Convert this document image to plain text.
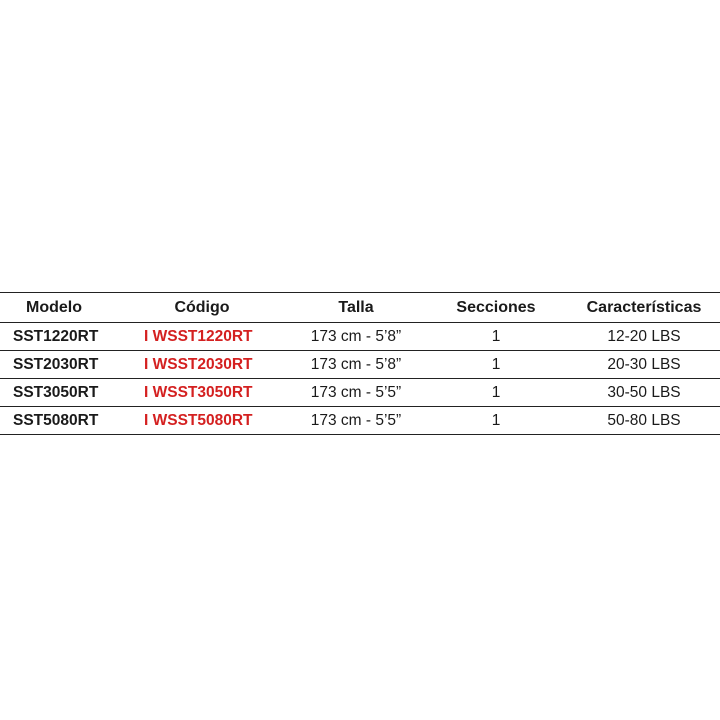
Modelo	Código	Talla	Secciones	Características
SST1220RT	I WSST1220RT	173 cm - 5’8”	1	12-20 LBS
SST2030RT	I WSST2030RT	173 cm - 5’8”	1	20-30 LBS
SST3050RT	I WSST3050RT	173 cm - 5’5”	1	30-50 LBS
SST5080RT	I WSST5080RT	173 cm - 5’5”	1	50-80 LBS
